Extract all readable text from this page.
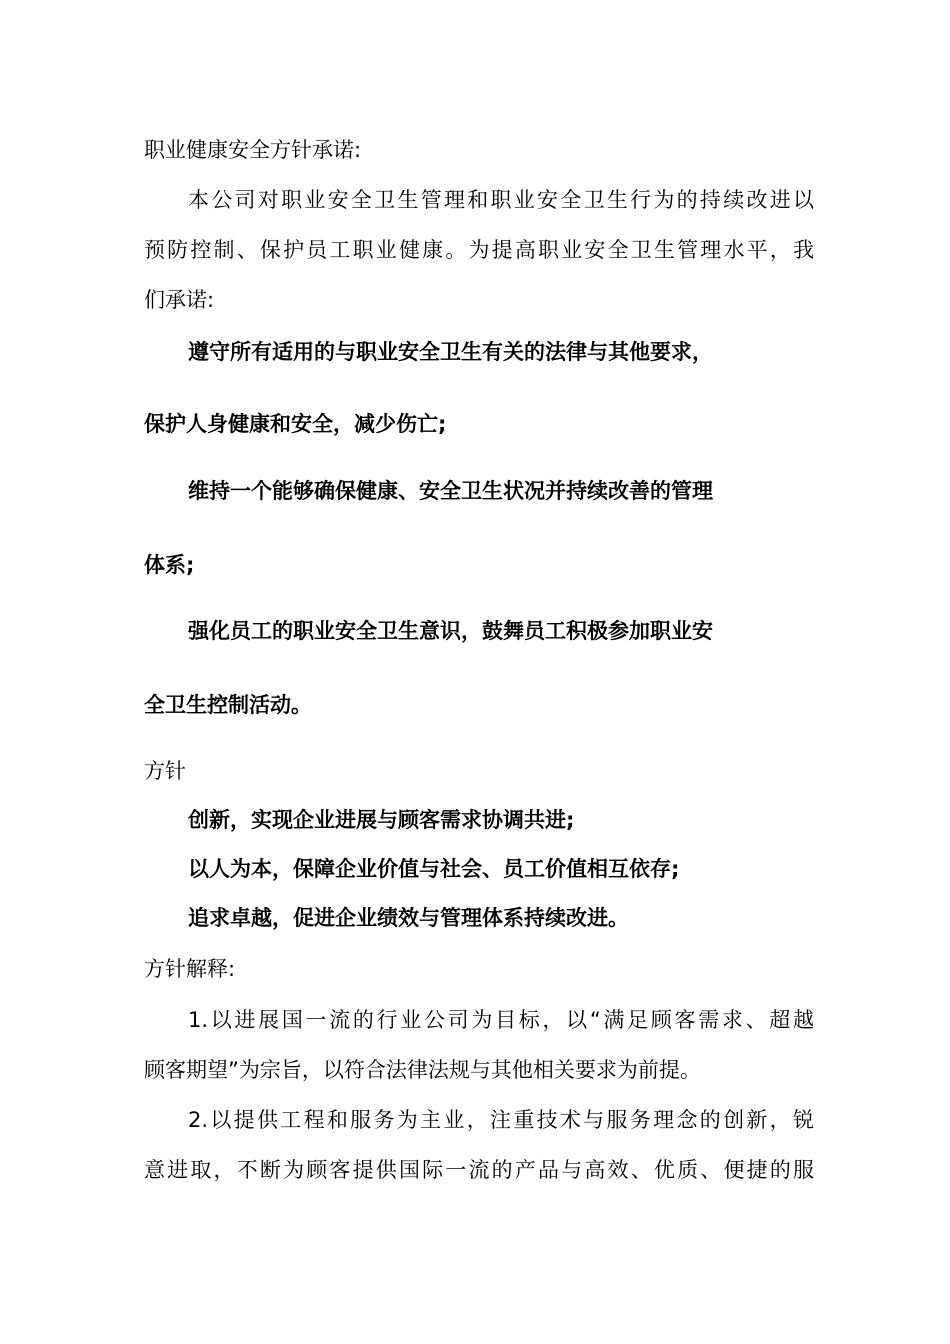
职业健康安全方针承诺:
本公司对职业安全卫生管理和职业安全卫生行为的持续改进以
预防控制、保护员工职业健康。为提高职业安全卫生管理水平，我
们承诺:
遵守所有适用的与职业安全卫生有关的法律与其他要求，
保护人身健康和安全，减少伤亡;
维持一个能够确保健康、安全卫生状况并持续改善的管理
体系;
强化员工的职业安全卫生意识，鼓舞员工积极参加职业安
全卫生控制活动。
方针
创新，实现企业进展与顾客需求协调共进;
以人为本，保障企业价值与社会、员工价值相互依存;
追求卓越，促进企业绩效与管理体系持续改进。
方针解释:
1.以进展国一流的行业公司为目标，以“满足顾客需求、超越
顾客期望”为宗旨，以符合法律法规与其他相关要求为前提。
2.以提供工程和服务为主业，注重技术与服务理念的创新，锐
意进取，不断为顾客提供国际一流的产品与高效、优质、便捷的服
